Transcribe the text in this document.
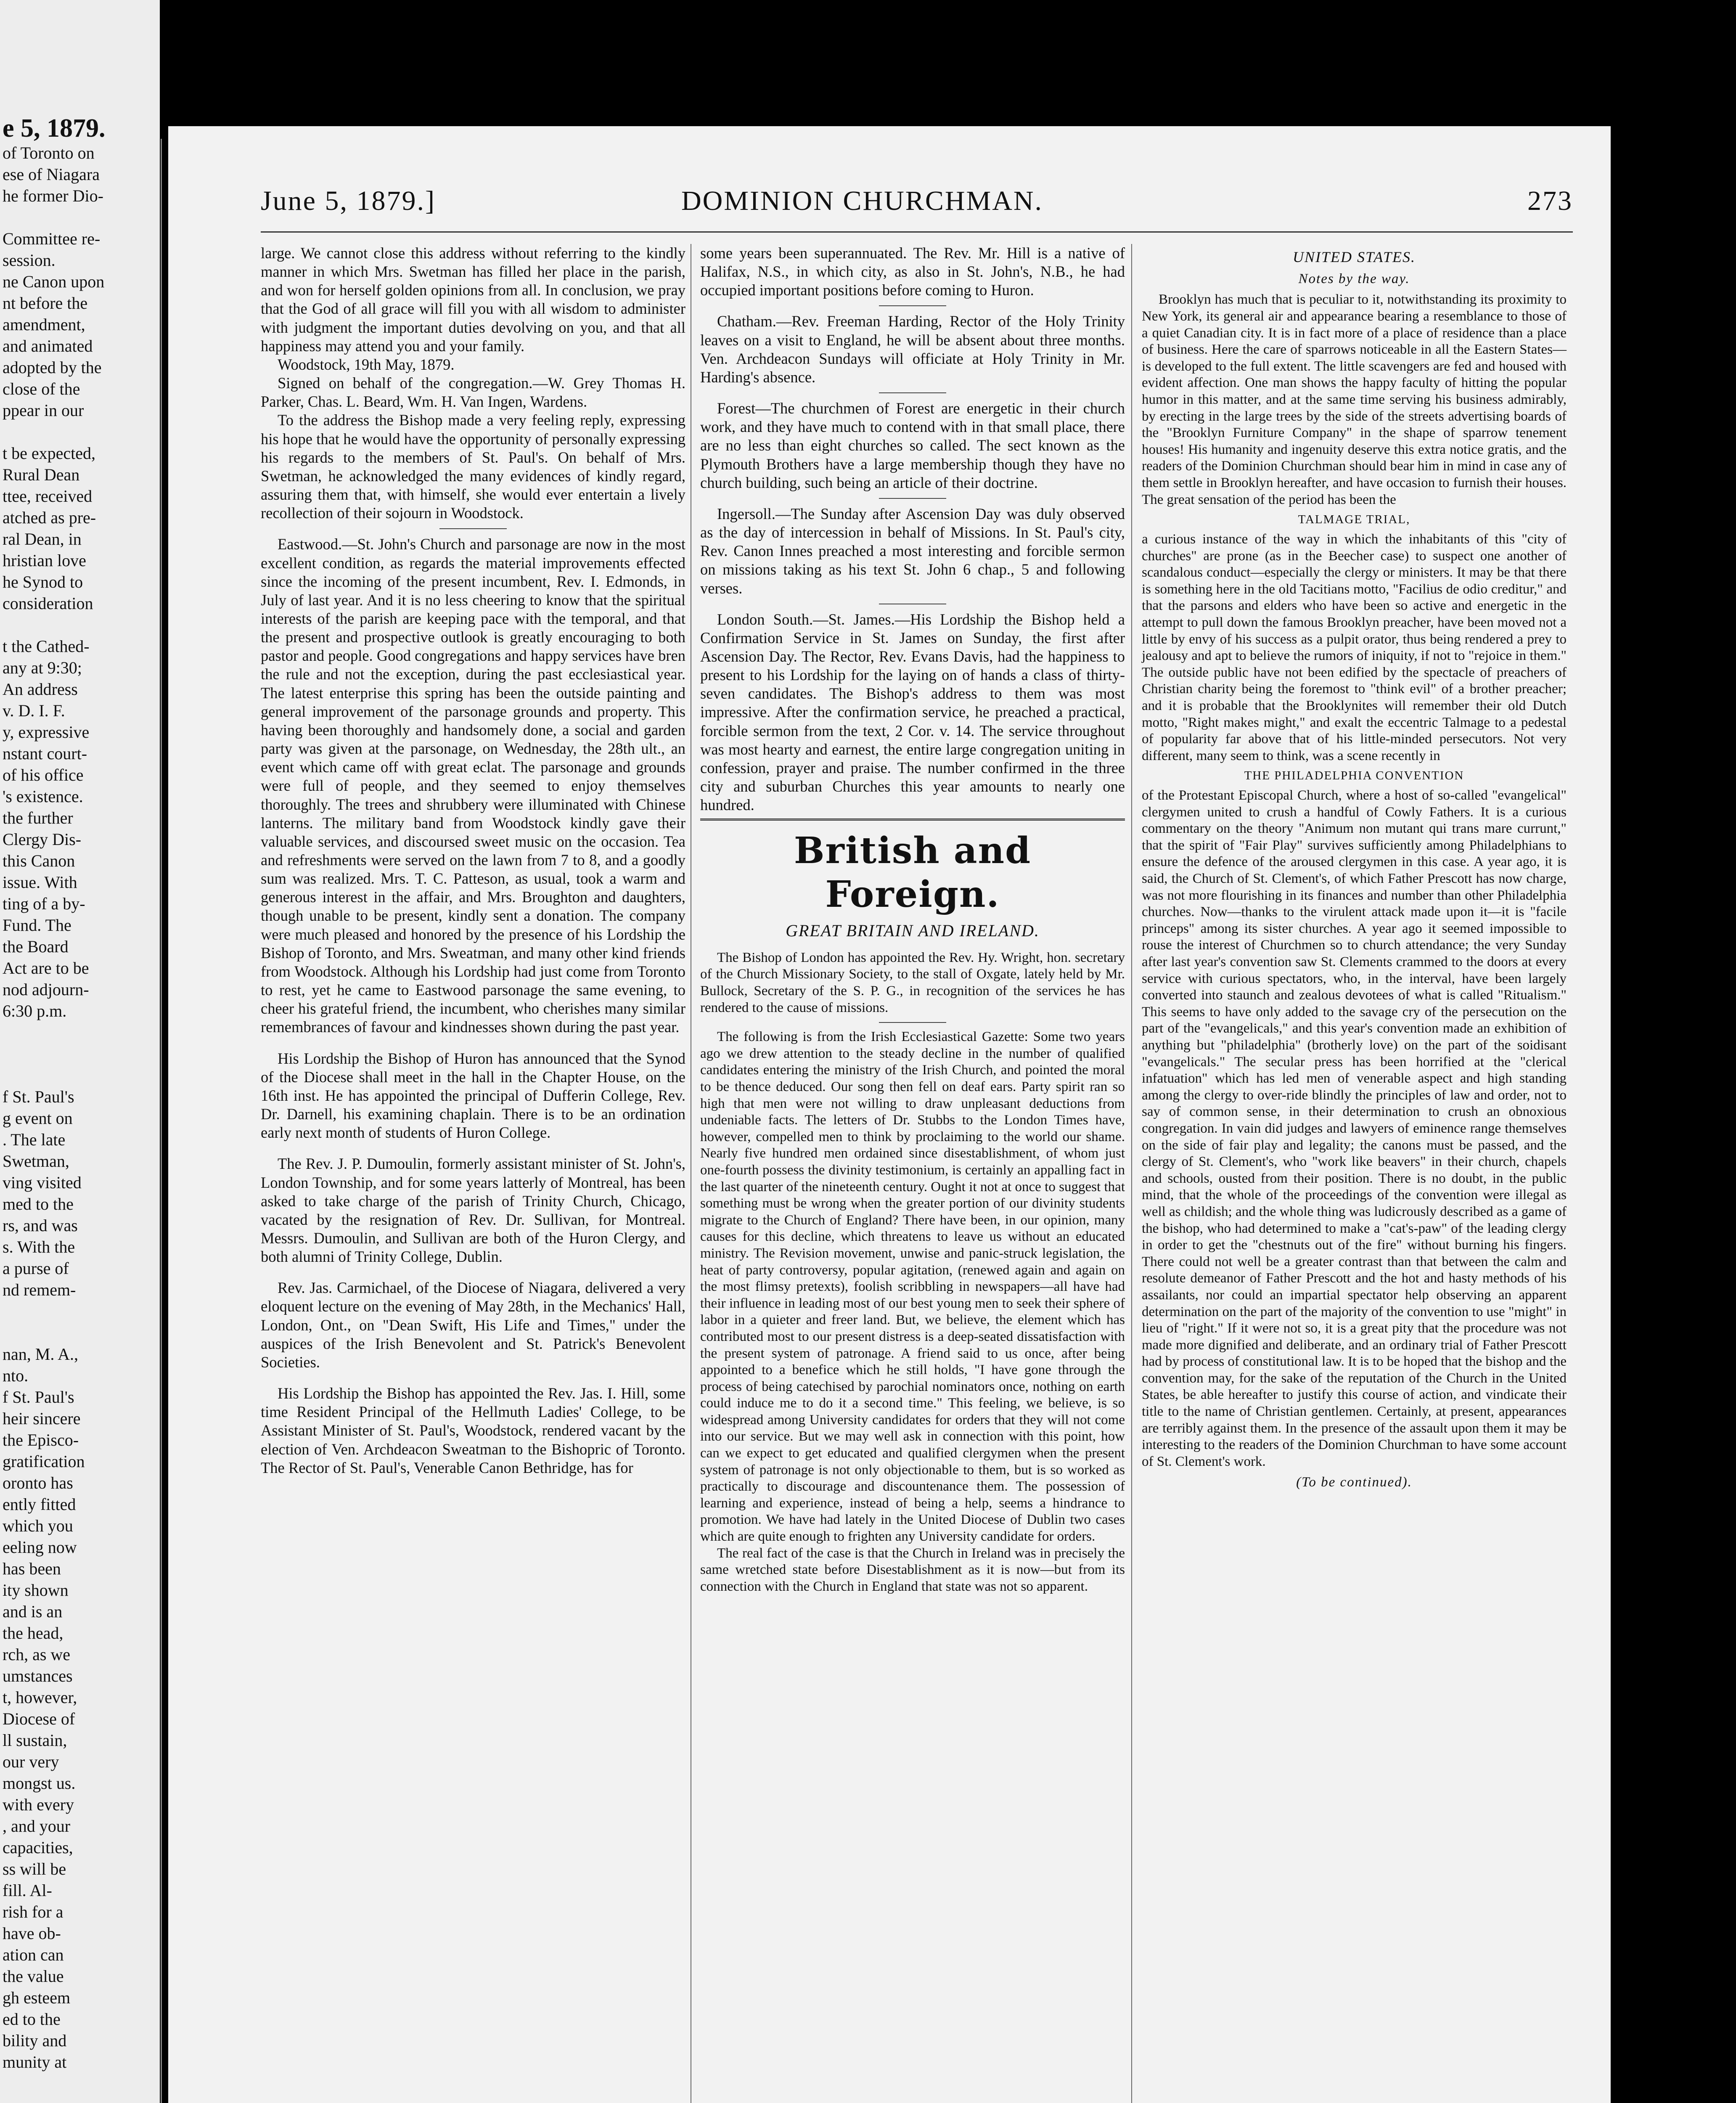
e 5, 1879.
of Toronto on
ese of Niagara
he former Dio-
Committee re-
session.
ne Canon upon
nt before the
amendment,
and animated
adopted by the
close of the
ppear in our
t be expected,
Rural Dean
ttee, received
atched as pre-
ral Dean, in
hristian love
he Synod to
consideration
t the Cathed-
any at 9:30;
An address
v. D. I. F.
y, expressive
nstant court-
of his office
's existence.
the further
Clergy Dis-
this Canon
issue. With
ting of a by-
Fund. The
the Board
Act are to be
nod adjourn-
6:30 p.m.
f St. Paul's
g event on
. The late
Swetman,
ving visited
med to the
rs, and was
s. With the
a purse of
nd remem-
nan, M. A.,
nto.
f St. Paul's
heir sincere
the Episco-
gratification
oronto has
ently fitted
which you
eeling now
has been
ity shown
and is an
the head,
rch, as we
umstances
t, however,
Diocese of
ll sustain,
our very
mongst us.
with every
, and your
capacities,
ss will be
fill. Al-
rish for a
have ob-
ation can
the value
gh esteem
ed to the
bility and
munity at
June 5, 1879.]	DOMINION CHURCHMAN.	273

large. We cannot close this address without referring to the kindly manner in which Mrs. Swetman has filled her place in the parish, and won for herself golden opinions from all. In conclusion, we pray that the God of all grace will fill you with all wisdom to administer with judgment the important duties devolving on you, and that all happiness may attend you and your family.

Woodstock, 19th May, 1879.

Signed on behalf of the congregation.—W. Grey Thomas H. Parker, Chas. L. Beard, Wm. H. Van Ingen, Wardens.

To the address the Bishop made a very feeling reply, expressing his hope that he would have the opportunity of personally expressing his regards to the members of St. Paul's. On behalf of Mrs. Swetman, he acknowledged the many evidences of kindly regard, assuring them that, with himself, she would ever entertain a lively recollection of their sojourn in Woodstock.

Eastwood.—St. John's Church and parsonage are now in the most excellent condition, as regards the material improvements effected since the incoming of the present incumbent, Rev. I. Edmonds, in July of last year. And it is no less cheering to know that the spiritual interests of the parish are keeping pace with the temporal, and that the present and prospective outlook is greatly encouraging to both pastor and people. Good congregations and happy services have bren the rule and not the exception, during the past ecclesiastical year. The latest enterprise this spring has been the outside painting and general improvement of the parsonage grounds and property. This having been thoroughly and handsomely done, a social and garden party was given at the parsonage, on Wednesday, the 28th ult., an event which came off with great eclat. The parsonage and grounds were full of people, and they seemed to enjoy themselves thoroughly. The trees and shrubbery were illuminated with Chinese lanterns. The military band from Woodstock kindly gave their valuable services, and discoursed sweet music on the occasion. Tea and refreshments were served on the lawn from 7 to 8, and a goodly sum was realized. Mrs. T. C. Patteson, as usual, took a warm and generous interest in the affair, and Mrs. Broughton and daughters, though unable to be present, kindly sent a donation. The company were much pleased and honored by the presence of his Lordship the Bishop of Toronto, and Mrs. Sweatman, and many other kind friends from Woodstock. Although his Lordship had just come from Toronto to rest, yet he came to Eastwood parsonage the same evening, to cheer his grateful friend, the incumbent, who cherishes many similar remembrances of favour and kindnesses shown during the past year.

His Lordship the Bishop of Huron has announced that the Synod of the Diocese shall meet in the hall in the Chapter House, on the 16th inst. He has appointed the principal of Dufferin College, Rev. Dr. Darnell, his examining chaplain. There is to be an ordination early next month of students of Huron College.

The Rev. J. P. Dumoulin, formerly assistant minister of St. John's, London Township, and for some years latterly of Montreal, has been asked to take charge of the parish of Trinity Church, Chicago, vacated by the resignation of Rev. Dr. Sullivan, for Montreal. Messrs. Dumoulin, and Sullivan are both of the Huron Clergy, and both alumni of Trinity College, Dublin.

Rev. Jas. Carmichael, of the Diocese of Niagara, delivered a very eloquent lecture on the evening of May 28th, in the Mechanics' Hall, London, Ont., on "Dean Swift, His Life and Times," under the auspices of the Irish Benevolent and St. Patrick's Benevolent Societies.

His Lordship the Bishop has appointed the Rev. Jas. I. Hill, some time Resident Principal of the Hellmuth Ladies' College, to be Assistant Minister of St. Paul's, Woodstock, rendered vacant by the election of Ven. Archdeacon Sweatman to the Bishopric of Toronto. The Rector of St. Paul's, Venerable Canon Bethridge, has for

some years been superannuated. The Rev. Mr. Hill is a native of Halifax, N.S., in which city, as also in St. John's, N.B., he had occupied important positions before coming to Huron.

Chatham.—Rev. Freeman Harding, Rector of the Holy Trinity leaves on a visit to England, he will be absent about three months. Ven. Archdeacon Sundays will officiate at Holy Trinity in Mr. Harding's absence.

Forest—The churchmen of Forest are energetic in their church work, and they have much to contend with in that small place, there are no less than eight churches so called. The sect known as the Plymouth Brothers have a large membership though they have no church building, such being an article of their doctrine.

Ingersoll.—The Sunday after Ascension Day was duly observed as the day of intercession in behalf of Missions. In St. Paul's city, Rev. Canon Innes preached a most interesting and forcible sermon on missions taking as his text St. John 6 chap., 5 and following verses.

London South.—St. James.—His Lordship the Bishop held a Confirmation Service in St. James on Sunday, the first after Ascension Day. The Rector, Rev. Evans Davis, had the happiness to present to his Lordship for the laying on of hands a class of thirty-seven candidates. The Bishop's address to them was most impressive. After the confirmation service, he preached a practical, forcible sermon from the text, 2 Cor. v. 14. The service throughout was most hearty and earnest, the entire large congregation uniting in confession, prayer and praise. The number confirmed in the three city and suburban Churches this year amounts to nearly one hundred.

British and Foreign.
GREAT BRITAIN AND IRELAND.

The Bishop of London has appointed the Rev. Hy. Wright, hon. secretary of the Church Missionary Society, to the stall of Oxgate, lately held by Mr. Bullock, Secretary of the S. P. G., in recognition of the services he has rendered to the cause of missions.

The following is from the Irish Ecclesiastical Gazette: Some two years ago we drew attention to the steady decline in the number of qualified candidates entering the ministry of the Irish Church, and pointed the moral to be thence deduced. Our song then fell on deaf ears. Party spirit ran so high that men were not willing to draw unpleasant deductions from undeniable facts. The letters of Dr. Stubbs to the London Times have, however, compelled men to think by proclaiming to the world our shame. Nearly five hundred men ordained since disestablishment, of whom just one-fourth possess the divinity testimonium, is certainly an appalling fact in the last quarter of the nineteenth century. Ought it not at once to suggest that something must be wrong when the greater portion of our divinity students migrate to the Church of England? There have been, in our opinion, many causes for this decline, which threatens to leave us without an educated ministry. The Revision movement, unwise and panic-struck legislation, the heat of party controversy, popular agitation, (renewed again and again on the most flimsy pretexts), foolish scribbling in newspapers—all have had their influence in leading most of our best young men to seek their sphere of labor in a quieter and freer land. But, we believe, the element which has contributed most to our present distress is a deep-seated dissatisfaction with the present system of patronage. A friend said to us once, after being appointed to a benefice which he still holds, "I have gone through the process of being catechised by parochial nominators once, nothing on earth could induce me to do it a second time." This feeling, we believe, is so widespread among University candidates for orders that they will not come into our service. But we may well ask in connection with this point, how can we expect to get educated and qualified clergymen when the present system of patronage is not only objectionable to them, but is so worked as practically to discourage and discountenance them. The possession of learning and experience, instead of being a help, seems a hindrance to promotion. We have had lately in the United Diocese of Dublin two cases which are quite enough to frighten any University candidate for orders.

The real fact of the case is that the Church in Ireland was in precisely the same wretched state before Disestablishment as it is now—but from its connection with the Church in England that state was not so apparent.

UNITED STATES.
Notes by the way.

Brooklyn has much that is peculiar to it, notwithstanding its proximity to New York, its general air and appearance bearing a resemblance to those of a quiet Canadian city. It is in fact more of a place of residence than a place of business. Here the care of sparrows noticeable in all the Eastern States—is developed to the full extent. The little scavengers are fed and housed with evident affection. One man shows the happy faculty of hitting the popular humor in this matter, and at the same time serving his business admirably, by erecting in the large trees by the side of the streets advertising boards of the "Brooklyn Furniture Company" in the shape of sparrow tenement houses! His humanity and ingenuity deserve this extra notice gratis, and the readers of the Dominion Churchman should bear him in mind in case any of them settle in Brooklyn hereafter, and have occasion to furnish their houses. The great sensation of the period has been the

TALMAGE TRIAL,

a curious instance of the way in which the inhabitants of this "city of churches" are prone (as in the Beecher case) to suspect one another of scandalous conduct—especially the clergy or ministers. It may be that there is something here in the old Tacitians motto, "Facilius de odio creditur," and that the parsons and elders who have been so active and energetic in the attempt to pull down the famous Brooklyn preacher, have been moved not a little by envy of his success as a pulpit orator, thus being rendered a prey to jealousy and apt to believe the rumors of iniquity, if not to "rejoice in them." The outside public have not been edified by the spectacle of preachers of Christian charity being the foremost to "think evil" of a brother preacher; and it is probable that the Brooklynites will remember their old Dutch motto, "Right makes might," and exalt the eccentric Talmage to a pedestal of popularity far above that of his little-minded persecutors. Not very different, many seem to think, was a scene recently in

THE PHILADELPHIA CONVENTION

of the Protestant Episcopal Church, where a host of so-called "evangelical" clergymen united to crush a handful of Cowly Fathers. It is a curious commentary on the theory "Animum non mutant qui trans mare currunt," that the spirit of "Fair Play" survives sufficiently among Philadelphians to ensure the defence of the aroused clergymen in this case. A year ago, it is said, the Church of St. Clement's, of which Father Prescott has now charge, was not more flourishing in its finances and number than other Philadelphia churches. Now—thanks to the virulent attack made upon it—it is "facile princeps" among its sister churches. A year ago it seemed impossible to rouse the interest of Churchmen so to church attendance; the very Sunday after last year's convention saw St. Clements crammed to the doors at every service with curious spectators, who, in the interval, have been largely converted into staunch and zealous devotees of what is called "Ritualism." This seems to have only added to the savage cry of the persecution on the part of the "evangelicals," and this year's convention made an exhibition of anything but "philadelphia" (brotherly love) on the part of the soidisant "evangelicals." The secular press has been horrified at the "clerical infatuation" which has led men of venerable aspect and high standing among the clergy to over-ride blindly the principles of law and order, not to say of common sense, in their determination to crush an obnoxious congregation. In vain did judges and lawyers of eminence range themselves on the side of fair play and legality; the canons must be passed, and the clergy of St. Clement's, who "work like beavers" in their church, chapels and schools, ousted from their position. There is no doubt, in the public mind, that the whole of the proceedings of the convention were illegal as well as childish; and the whole thing was ludicrously described as a game of the bishop, who had determined to make a "cat's-paw" of the leading clergy in order to get the "chestnuts out of the fire" without burning his fingers. There could not well be a greater contrast than that between the calm and resolute demeanor of Father Prescott and the hot and hasty methods of his assailants, nor could an impartial spectator help observing an apparent determination on the part of the majority of the convention to use "might" in lieu of "right." If it were not so, it is a great pity that the procedure was not made more dignified and deliberate, and an ordinary trial of Father Prescott had by process of constitutional law. It is to be hoped that the bishop and the convention may, for the sake of the reputation of the Church in the United States, be able hereafter to justify this course of action, and vindicate their title to the name of Christian gentlemen. Certainly, at present, appearances are terribly against them. In the presence of the assault upon them it may be interesting to the readers of the Dominion Churchman to have some account of St. Clement's work.

(To be continued).
